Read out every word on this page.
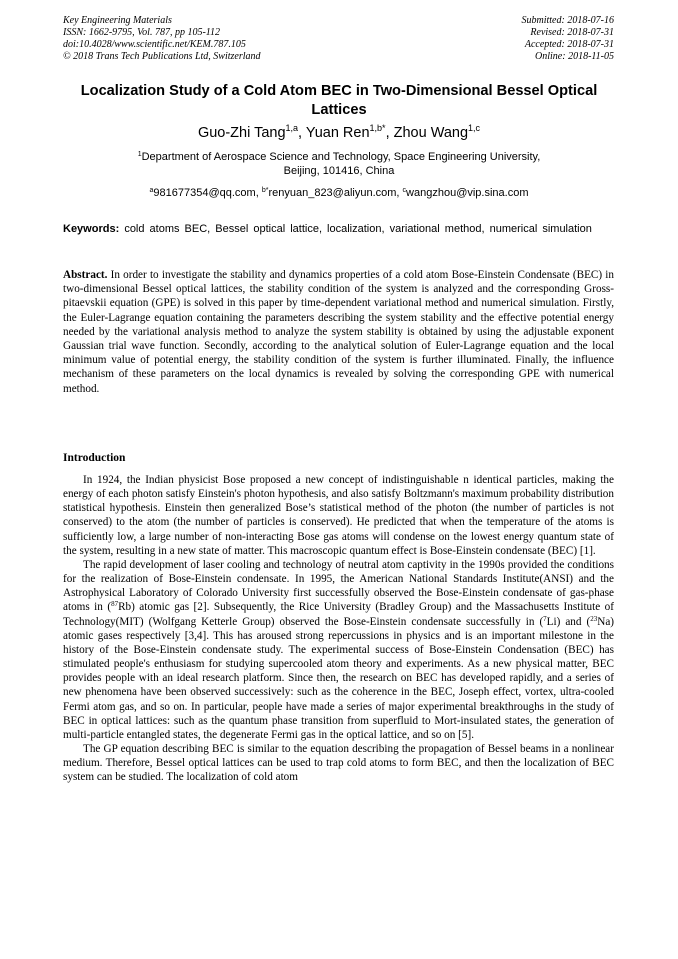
Key Engineering Materials
ISSN: 1662-9795, Vol. 787, pp 105-112
doi:10.4028/www.scientific.net/KEM.787.105
© 2018 Trans Tech Publications Ltd, Switzerland
Submitted: 2018-07-16
Revised: 2018-07-31
Accepted: 2018-07-31
Online: 2018-11-05
Localization Study of a Cold Atom BEC in Two-Dimensional Bessel Optical Lattices
Guo-Zhi Tang$^{1,a}$, Yuan Ren$^{1,b*}$, Zhou Wang$^{1,c}$
$^1$Department of Aerospace Science and Technology, Space Engineering University,
Beijing, 101416, China
$^a$981677354@qq.com, $^{b*}$renyuan_823@aliyun.com, $^c$wangzhou@vip.sina.com
Keywords: cold atoms BEC, Bessel optical lattice, localization, variational method, numerical simulation
Abstract. In order to investigate the stability and dynamics properties of a cold atom Bose-Einstein Condensate (BEC) in two-dimensional Bessel optical lattices, the stability condition of the system is analyzed and the corresponding Gross-pitaevskii equation (GPE) is solved in this paper by time-dependent variational method and numerical simulation. Firstly, the Euler-Lagrange equation containing the parameters describing the system stability and the effective potential energy needed by the variational analysis method to analyze the system stability is obtained by using the adjustable exponent Gaussian trial wave function. Secondly, according to the analytical solution of Euler-Lagrange equation and the local minimum value of potential energy, the stability condition of the system is further illuminated. Finally, the influence mechanism of these parameters on the local dynamics is revealed by solving the corresponding GPE with numerical method.
Introduction

In 1924, the Indian physicist Bose proposed a new concept of indistinguishable n identical particles, making the energy of each photon satisfy Einstein's photon hypothesis, and also satisfy Boltzmann's maximum probability distribution statistical hypothesis. Einstein then generalized Bose’s statistical method of the photon (the number of particles is not conserved) to the atom (the number of particles is conserved). He predicted that when the temperature of the atoms is sufficiently low, a large number of non-interacting Bose gas atoms will condense on the lowest energy quantum state of the system, resulting in a new state of matter. This macroscopic quantum effect is Bose-Einstein condensate (BEC) [1].

The rapid development of laser cooling and technology of neutral atom captivity in the 1990s provided the conditions for the realization of Bose-Einstein condensate. In 1995, the American National Standards Institute(ANSI) and the Astrophysical Laboratory of Colorado University first successfully observed the Bose-Einstein condensate of gas-phase atoms in ($^{87}$Rb) atomic gas [2]. Subsequently, the Rice University (Bradley Group) and the Massachusetts Institute of Technology(MIT) (Wolfgang Ketterle Group) observed the Bose-Einstein condensate successfully in ($^7$Li) and ($^{23}$Na) atomic gases respectively [3,4]. This has aroused strong repercussions in physics and is an important milestone in the history of the Bose-Einstein condensate study. The experimental success of Bose-Einstein Condensation (BEC) has stimulated people's enthusiasm for studying supercooled atom theory and experiments. As a new physical matter, BEC provides people with an ideal research platform. Since then, the research on BEC has developed rapidly, and a series of new phenomena have been observed successively: such as the coherence in the BEC, Joseph effect, vortex, ultra-cooled Fermi atom gas, and so on. In particular, people have made a series of major experimental breakthroughs in the study of BEC in optical lattices: such as the quantum phase transition from superfluid to Mort-insulated states, the generation of multi-particle entangled states, the degenerate Fermi gas in the optical lattice, and so on [5].

The GP equation describing BEC is similar to the equation describing the propagation of Bessel beams in a nonlinear medium. Therefore, Bessel optical lattices can be used to trap cold atoms to form BEC, and then the localization of BEC system can be studied. The localization of cold atom
